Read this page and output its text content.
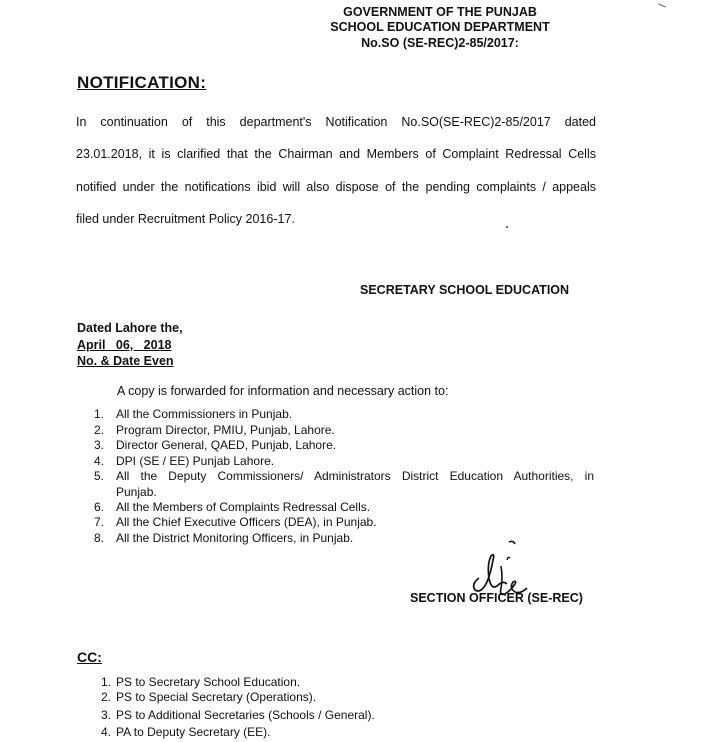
GOVERNMENT OF THE PUNJAB
SCHOOL EDUCATION DEPARTMENT
No.SO (SE-REC)2-85/2017:
NOTIFICATION:
In continuation of this department's Notification No.SO(SE-REC)2-85/2017 dated
23.01.2018, it is clarified that the Chairman and Members of Complaint Redressal Cells
notified under the notifications ibid will also dispose of the pending complaints / appeals
filed under Recruitment Policy 2016-17.
SECRETARY SCHOOL EDUCATION
Dated Lahore the,
April   06,   2018
No. & Date Even
A copy is forwarded for information and necessary action to:
1. All the Commissioners in Punjab.
2. Program Director, PMIU, Punjab, Lahore.
3. Director General, QAED, Punjab, Lahore.
4. DPI (SE / EE) Punjab Lahore.
5. All the Deputy Commissioners/ Administrators District Education Authorities, in
Punjab.
6. All the Members of Complaints Redressal Cells.
7. All the Chief Executive Officers (DEA), in Punjab.
8. All the District Monitoring Officers, in Punjab.
SECTION OFFICER (SE-REC)
CC:
1. PS to Secretary School Education.
2. PS to Special Secretary (Operations).
3. PS to Additional Secretaries (Schools / General).
4. PA to Deputy Secretary (EE).
